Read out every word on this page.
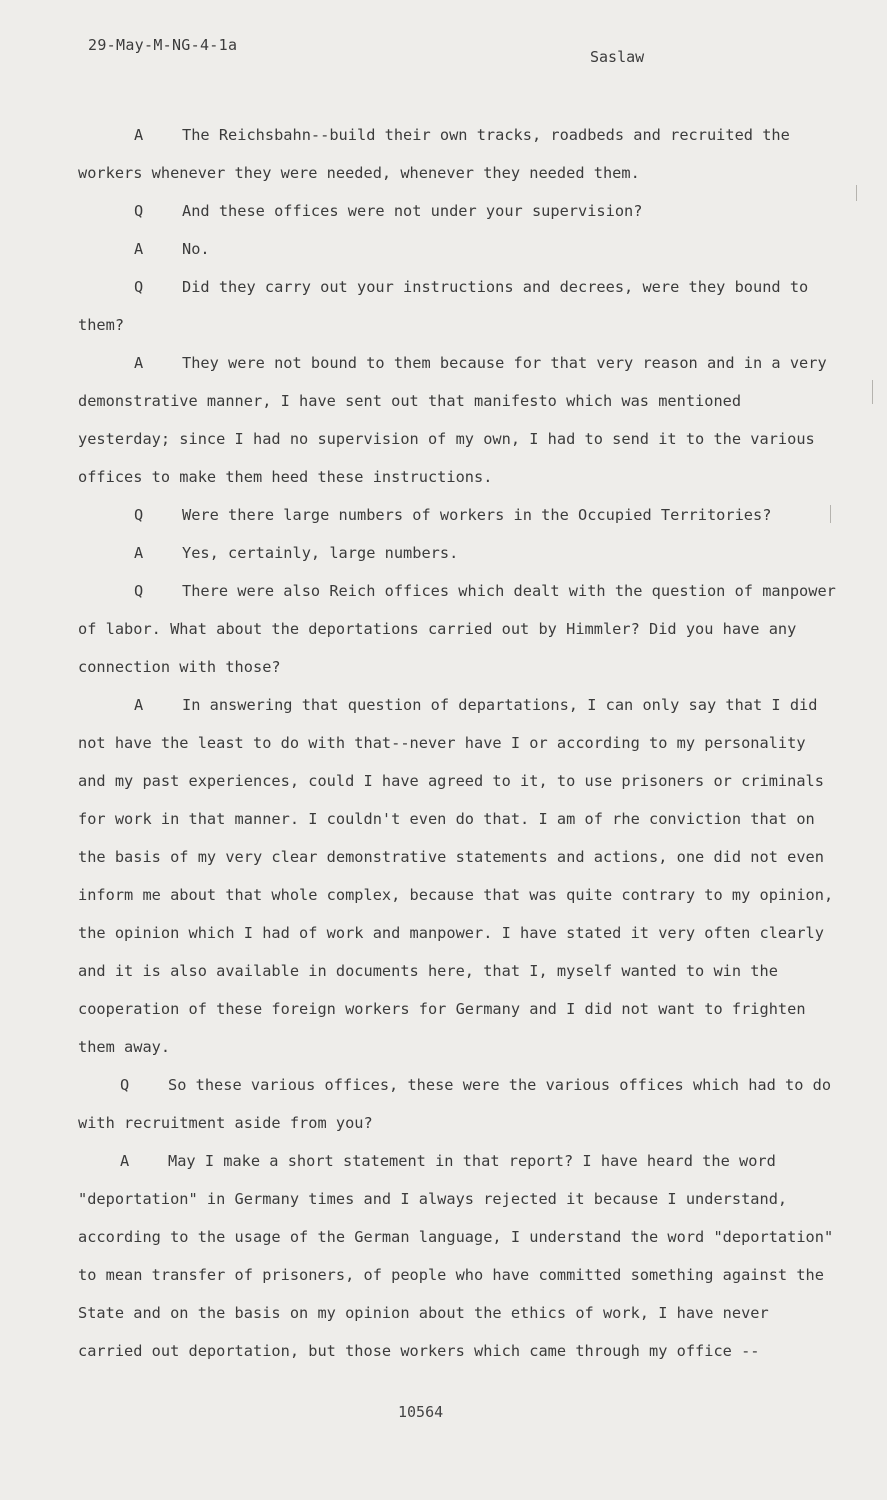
29-May-M-NG-4-1a
Saslaw

A	The Reichsbahn--build their own tracks, roadbeds and recruited the workers whenever they were needed, whenever they needed them.

Q	And these offices were not under your supervision?

A	No.

Q	Did they carry out your instructions and decrees, were they bound to them?

A	They were not bound to them because for that very reason and in a very demonstrative manner, I have sent out that manifesto which was mentioned yesterday; since I had no supervision of my own, I had to send it to the various offices to make them heed these instructions.

Q	Were there large numbers of workers in the Occupied Territories?

A	Yes, certainly, large numbers.

Q	There were also Reich offices which dealt with the question of manpower of labor. What about the deportations carried out by Himmler? Did you have any connection with those?

A	In answering that question of departations, I can only say that I did not have the least to do with that--never have I or according to my personality and my past experiences, could I have agreed to it, to use prisoners or criminals for work in that manner. I couldn't even do that. I am of rhe conviction that on the basis of my very clear demonstrative statements and actions, one did not even inform me about that whole complex, because that was quite contrary to my opinion, the opinion which I had of work and manpower. I have stated it very often clearly and it is also available in documents here, that I, myself wanted to win the cooperation of these foreign workers for Germany and I did not want to frighten them away.

Q	So these various offices, these were the various offices which had to do with recruitment aside from you?

A	May I make a short statement in that report? I have heard the word "deportation" in Germany times and I always rejected it because I understand, according to the usage of the German language, I understand the word "deportation" to mean transfer of prisoners, of people who have committed something against the State and on the basis on my opinion about the ethics of work, I have never carried out deportation, but those workers which came through my office --

10564
